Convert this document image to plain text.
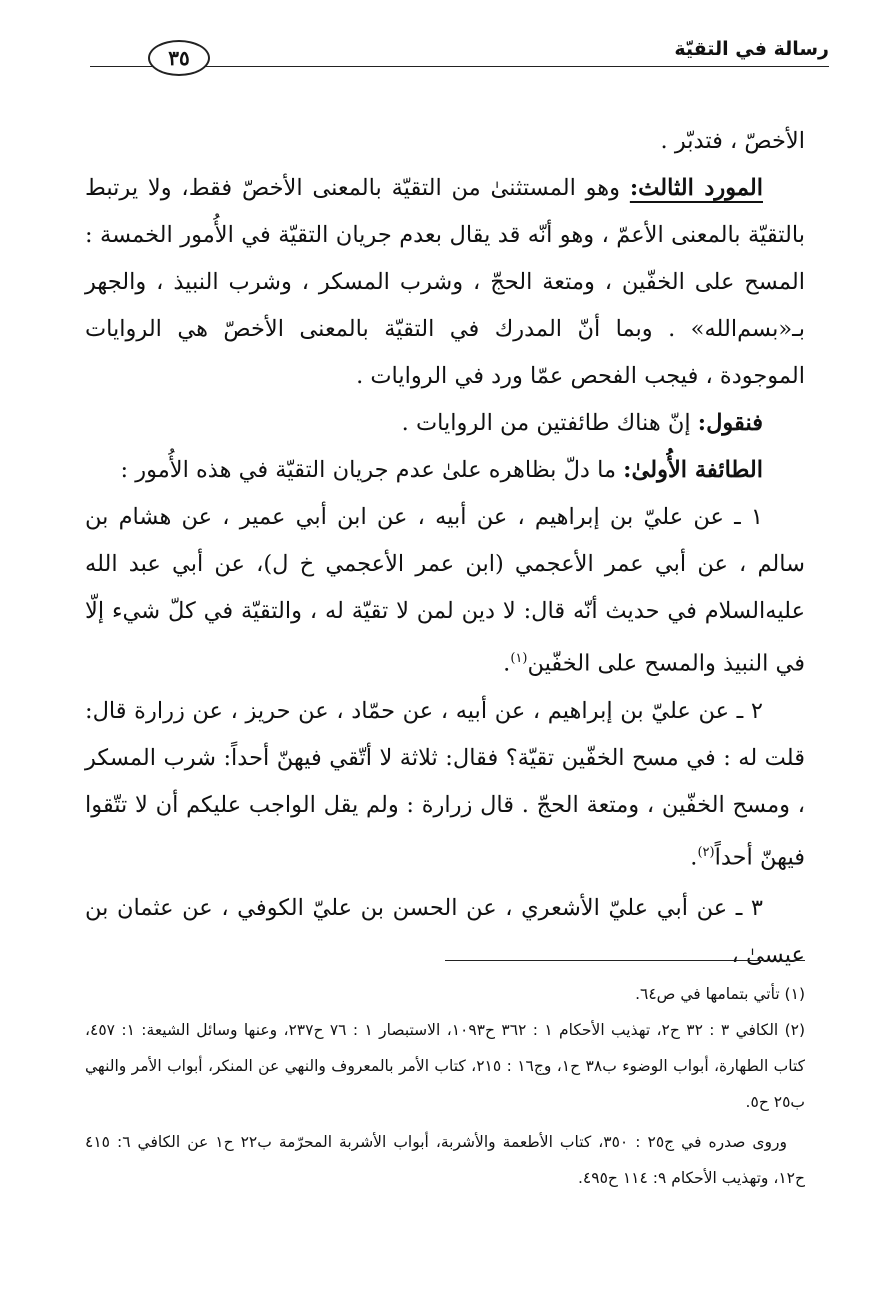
رسالة في التقيّة
٣٥

الأخصّ ، فتدبّر .

المورد الثالث: وهو المستثنىٰ من التقيّة بالمعنى الأخصّ فقط، ولا يرتبط بالتقيّة بالمعنى الأعمّ ، وهو أنّه قد يقال بعدم جريان التقيّة في الأُمور الخمسة : المسح على الخفّين ، ومتعة الحجّ ، وشرب المسكر ، وشرب النبيذ ، والجهر بـ«بسم‌الله» . وبما أنّ المدرك في التقيّة بالمعنى الأخصّ هي الروايات الموجودة ، فيجب الفحص عمّا ورد في الروايات .

فنقول: إنّ هناك طائفتين من الروايات .

الطائفة الأُولىٰ: ما دلّ بظاهره علىٰ عدم جريان التقيّة في هذه الأُمور :

١ ـ عن عليّ بن إبراهيم ، عن أبيه ، عن ابن أبي عمير ، عن هشام بن سالم ، عن أبي عمر الأعجمي (ابن عمر الأعجمي خ ل)، عن أبي عبد الله عليه‌السلام في حديث أنّه قال: لا دين لمن لا تقيّة له ، والتقيّة في كلّ شيء إلّا في النبيذ والمسح على الخفّين$^{(١)}$.

٢ ـ عن عليّ بن إبراهيم ، عن أبيه ، عن حمّاد ، عن حريز ، عن زرارة قال: قلت له : في مسح الخفّين تقيّة؟ فقال: ثلاثة لا أتّقي فيهنّ أحداً: شرب المسكر ، ومسح الخفّين ، ومتعة الحجّ . قال زرارة : ولم يقل الواجب عليكم أن لا تتّقوا فيهنّ أحداً$^{(٢)}$.

٣ ـ عن أبي عليّ الأشعري ، عن الحسن بن عليّ الكوفي ، عن عثمان بن عيسىٰ ،

(١) تأتي بتمامها في ص٦٤.

(٢) الكافي ٣ : ٣٢ ح٢، تهذيب الأحكام ١ : ٣٦٢ ح١٠٩٣، الاستبصار ١ : ٧٦ ح٢٣٧، وعنها وسائل الشيعة: ١: ٤٥٧، كتاب الطهارة، أبواب الوضوء ب٣٨ ح١، وج١٦ : ٢١٥، كتاب الأمر بالمعروف والنهي عن المنكر، أبواب الأمر والنهي ب٢٥ ح٥.

وروى صدره في ج٢٥ : ٣٥٠، كتاب الأطعمة والأشربة، أبواب الأشربة المحرّمة ب٢٢ ح١ عن الكافي ٦: ٤١٥ ح١٢، وتهذيب الأحكام ٩: ١١٤ ح٤٩٥.
